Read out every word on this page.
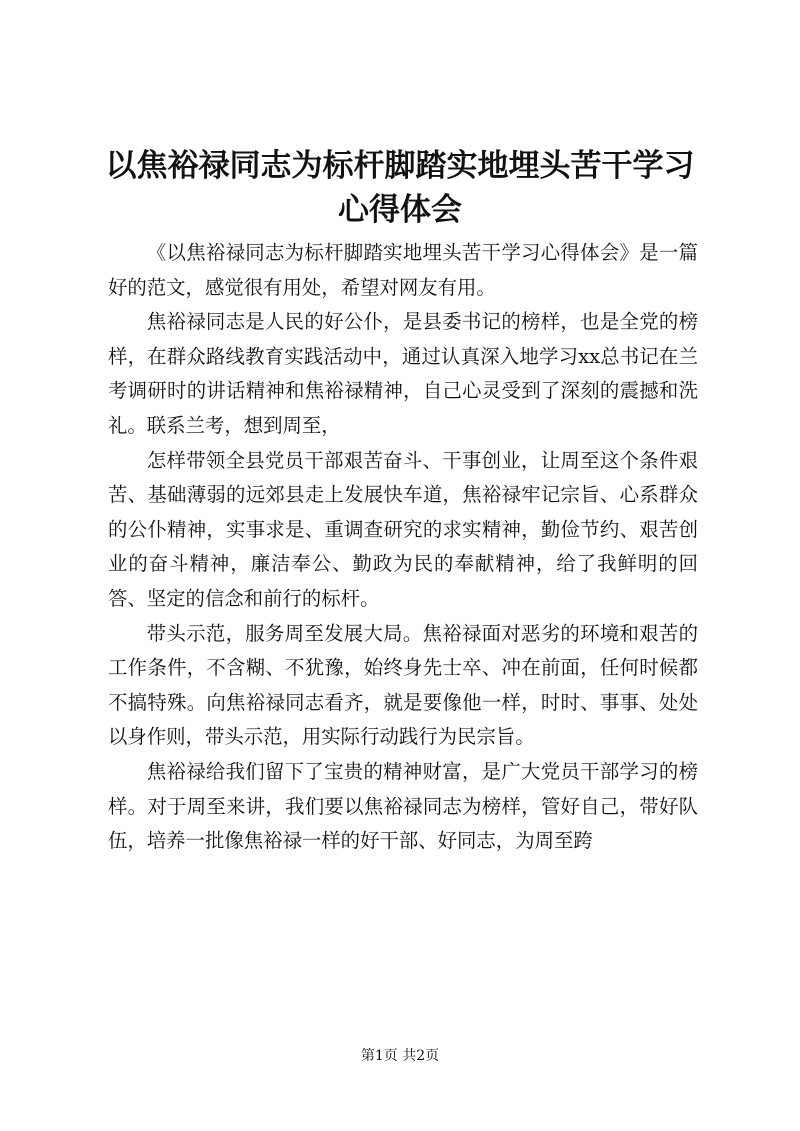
以焦裕禄同志为标杆脚踏实地埋头苦干学习心得体会

《以焦裕禄同志为标杆脚踏实地埋头苦干学习心得体会》是一篇好的范文，感觉很有用处，希望对网友有用。

焦裕禄同志是人民的好公仆，是县委书记的榜样，也是全党的榜样，在群众路线教育实践活动中，通过认真深入地学习xx总书记在兰考调研时的讲话精神和焦裕禄精神，自己心灵受到了深刻的震撼和洗礼。联系兰考，想到周至，

怎样带领全县党员干部艰苦奋斗、干事创业，让周至这个条件艰苦、基础薄弱的远郊县走上发展快车道，焦裕禄牢记宗旨、心系群众的公仆精神，实事求是、重调查研究的求实精神，勤俭节约、艰苦创业的奋斗精神，廉洁奉公、勤政为民的奉献精神，给了我鲜明的回答、坚定的信念和前行的标杆。

带头示范，服务周至发展大局。焦裕禄面对恶劣的环境和艰苦的工作条件，不含糊、不犹豫，始终身先士卒、冲在前面，任何时候都不搞特殊。向焦裕禄同志看齐，就是要像他一样，时时、事事、处处以身作则，带头示范，用实际行动践行为民宗旨。

焦裕禄给我们留下了宝贵的精神财富，是广大党员干部学习的榜样。对于周至来讲，我们要以焦裕禄同志为榜样，管好自己，带好队伍，培养一批像焦裕禄一样的好干部、好同志，为周至跨

第1页 共2页
